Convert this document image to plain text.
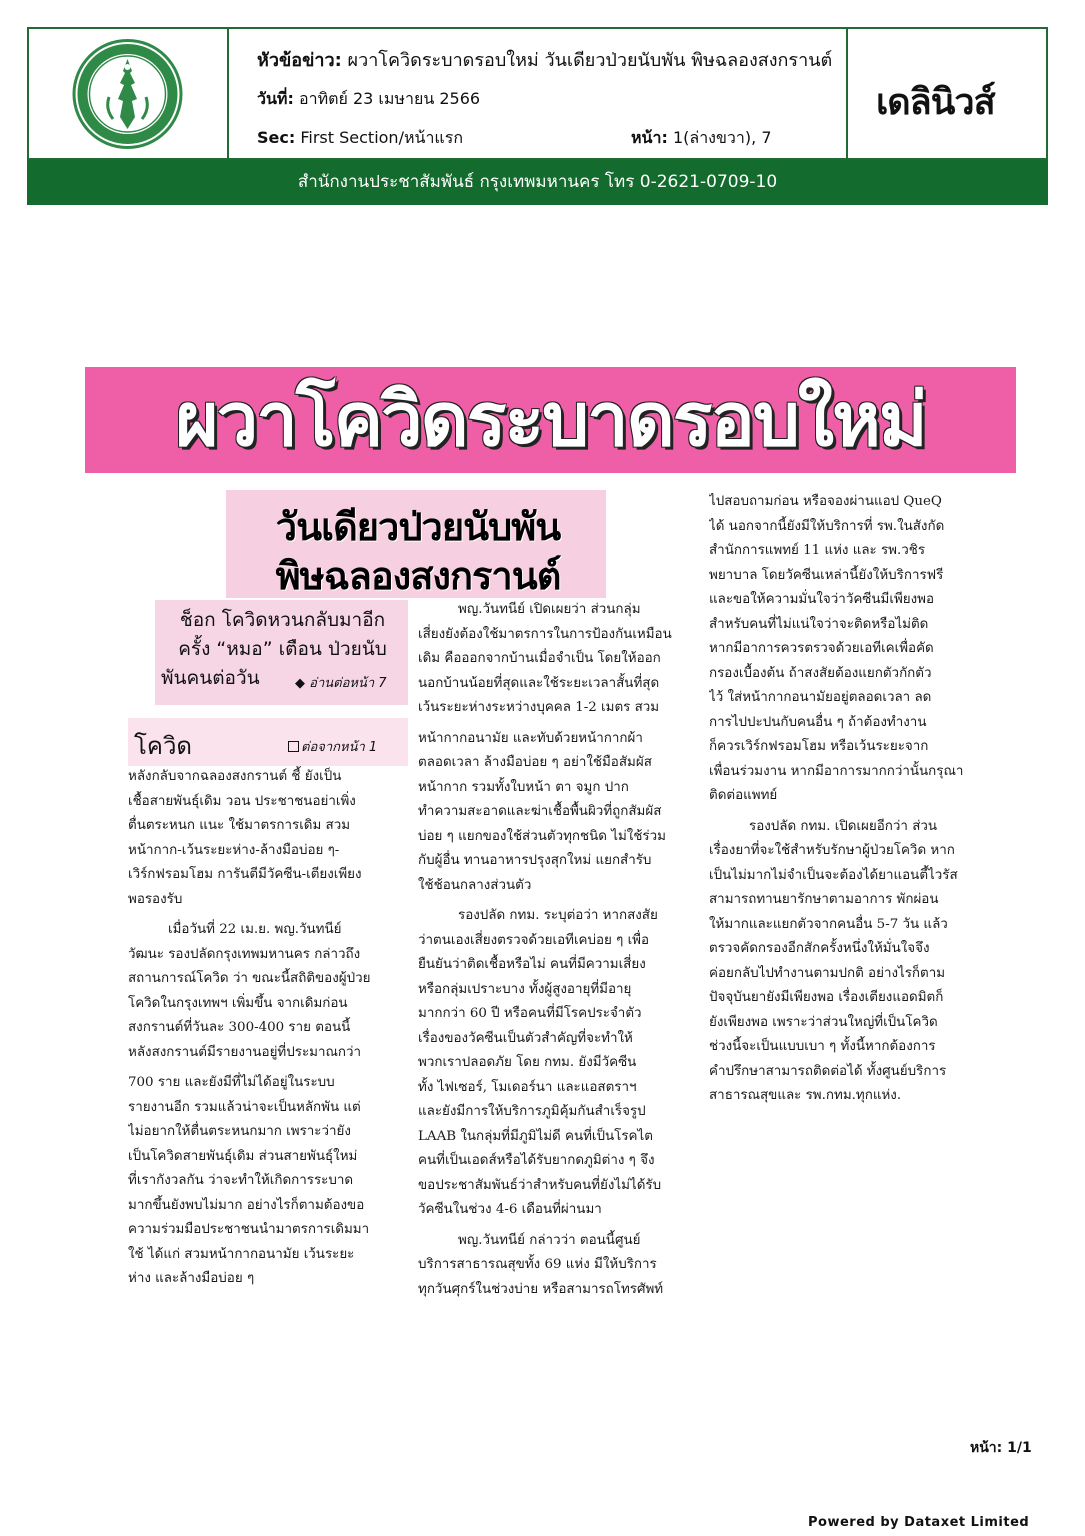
หัวข้อข่าว: ผวาโควิดระบาดรอบใหม่ วันเดียวป่วยนับพัน พิษฉลองสงกรานต์
วันที่: อาทิตย์ 23 เมษายน 2566
Sec: First Section/หน้าแรก	หน้า: 1(ล่างขวา), 7
เดลินิวส์
สำนักงานประชาสัมพันธ์ กรุงเทพมหานคร โทร 0-2621-0709-10
ผวาโควิดระบาดรอบใหม่
วันเดียวป่วยนับพัน
พิษฉลองสงกรานต์

ช็อก โควิดหวนกลับมาอีก
ครั้ง “หมอ” เตือน ป่วยนับ
พันคนต่อวัน	◆ อ่านต่อหน้า 7
โควิด	ต่อจากหน้า 1
หลังกลับจากฉลองสงกรานต์ ชี้ ยังเป็น
เชื้อสายพันธุ์เดิม วอน ประชาชนอย่าเพิ่ง
ตื่นตระหนก แนะ ใช้มาตรการเดิม สวม
หน้ากาก-เว้นระยะห่าง-ล้างมือบ่อย ๆ-
เวิร์กฟรอมโฮม การันตีมีวัคซีน-เตียงเพียง
พอรองรับ
เมื่อวันที่ 22 เม.ย. พญ.วันทนีย์
วัฒนะ รองปลัดกรุงเทพมหานคร กล่าวถึง
สถานการณ์โควิด ว่า ขณะนี้สถิติของผู้ป่วย
โควิดในกรุงเทพฯ เพิ่มขึ้น จากเดิมก่อน
สงกรานต์ที่วันละ 300-400 ราย ตอนนี้
หลังสงกรานต์มีรายงานอยู่ที่ประมาณกว่า
700 ราย และยังมีที่ไม่ได้อยู่ในระบบ
รายงานอีก รวมแล้วน่าจะเป็นหลักพัน แต่
ไม่อยากให้ตื่นตระหนกมาก เพราะว่ายัง
เป็นโควิดสายพันธุ์เดิม ส่วนสายพันธุ์ใหม่
ที่เรากังวลกัน ว่าจะทำให้เกิดการระบาด
มากขึ้นยังพบไม่มาก อย่างไรก็ตามต้องขอ
ความร่วมมือประชาชนนำมาตรการเดิมมา
ใช้ ได้แก่ สวมหน้ากากอนามัย เว้นระยะ
ห่าง และล้างมือบ่อย ๆ
พญ.วันทนีย์ เปิดเผยว่า ส่วนกลุ่ม
เสี่ยงยังต้องใช้มาตรการในการป้องกันเหมือน
เดิม คือออกจากบ้านเมื่อจำเป็น โดยให้ออก
นอกบ้านน้อยที่สุดและใช้ระยะเวลาสั้นที่สุด
เว้นระยะห่างระหว่างบุคคล 1-2 เมตร สวม
หน้ากากอนามัย และทับด้วยหน้ากากผ้า
ตลอดเวลา ล้างมือบ่อย ๆ อย่าใช้มือสัมผัส
หน้ากาก รวมทั้งใบหน้า ตา จมูก ปาก
ทำความสะอาดและฆ่าเชื้อพื้นผิวที่ถูกสัมผัส
บ่อย ๆ แยกของใช้ส่วนตัวทุกชนิด ไม่ใช้ร่วม
กับผู้อื่น ทานอาหารปรุงสุกใหม่ แยกสำรับ
ใช้ช้อนกลางส่วนตัว
รองปลัด กทม. ระบุต่อว่า หากสงสัย
ว่าตนเองเสี่ยงตรวจด้วยเอทีเคบ่อย ๆ เพื่อ
ยืนยันว่าติดเชื้อหรือไม่ คนที่มีความเสี่ยง
หรือกลุ่มเปราะบาง ทั้งผู้สูงอายุที่มีอายุ
มากกว่า 60 ปี หรือคนที่มีโรคประจำตัว
เรื่องของวัคซีนเป็นตัวสำคัญที่จะทำให้
พวกเราปลอดภัย โดย กทม. ยังมีวัคซีน
ทั้ง ไฟเซอร์, โมเดอร์นา และแอสตราฯ
และยังมีการให้บริการภูมิคุ้มกันสำเร็จรูป
LAAB ในกลุ่มที่มีภูมิไม่ดี คนที่เป็นโรคไต
คนที่เป็นเอดส์หรือได้รับยากดภูมิต่าง ๆ จึง
ขอประชาสัมพันธ์ว่าสำหรับคนที่ยังไม่ได้รับ
วัคซีนในช่วง 4-6 เดือนที่ผ่านมา
พญ.วันทนีย์ กล่าวว่า ตอนนี้ศูนย์
บริการสาธารณสุขทั้ง 69 แห่ง มีให้บริการ
ทุกวันศุกร์ในช่วงบ่าย หรือสามารถโทรศัพท์
ไปสอบถามก่อน หรือจองผ่านแอป QueQ
ได้ นอกจากนี้ยังมีให้บริการที่ รพ.ในสังกัด
สำนักการแพทย์ 11 แห่ง และ รพ.วชิร
พยาบาล โดยวัคซีนเหล่านี้ยังให้บริการฟรี
และขอให้ความมั่นใจว่าวัคซีนมีเพียงพอ
สำหรับคนที่ไม่แน่ใจว่าจะติดหรือไม่ติด
หากมีอาการควรตรวจด้วยเอทีเคเพื่อคัด
กรองเบื้องต้น ถ้าสงสัยต้องแยกตัวกักตัว
ไว้ ใส่หน้ากากอนามัยอยู่ตลอดเวลา ลด
การไปปะปนกับคนอื่น ๆ ถ้าต้องทำงาน
ก็ควรเวิร์กฟรอมโฮม หรือเว้นระยะจาก
เพื่อนร่วมงาน หากมีอาการมากกว่านั้นกรุณา
ติดต่อแพทย์
รองปลัด กทม. เปิดเผยอีกว่า ส่วน
เรื่องยาที่จะใช้สำหรับรักษาผู้ป่วยโควิด หาก
เป็นไม่มากไม่จำเป็นจะต้องได้ยาแอนตี้ไวรัส
สามารถทานยารักษาตามอาการ พักผ่อน
ให้มากและแยกตัวจากคนอื่น 5-7 วัน แล้ว
ตรวจคัดกรองอีกสักครั้งหนึ่งให้มั่นใจจึง
ค่อยกลับไปทำงานตามปกติ อย่างไรก็ตาม
ปัจจุบันยายังมีเพียงพอ เรื่องเตียงแอดมิตก็
ยังเพียงพอ เพราะว่าส่วนใหญ่ที่เป็นโควิด
ช่วงนี้จะเป็นแบบเบา ๆ ทั้งนี้หากต้องการ
คำปรึกษาสามารถติดต่อได้ ทั้งศูนย์บริการ
สาธารณสุขและ รพ.กทม.ทุกแห่ง.
หน้า: 1/1
Powered by Dataxet Limited
